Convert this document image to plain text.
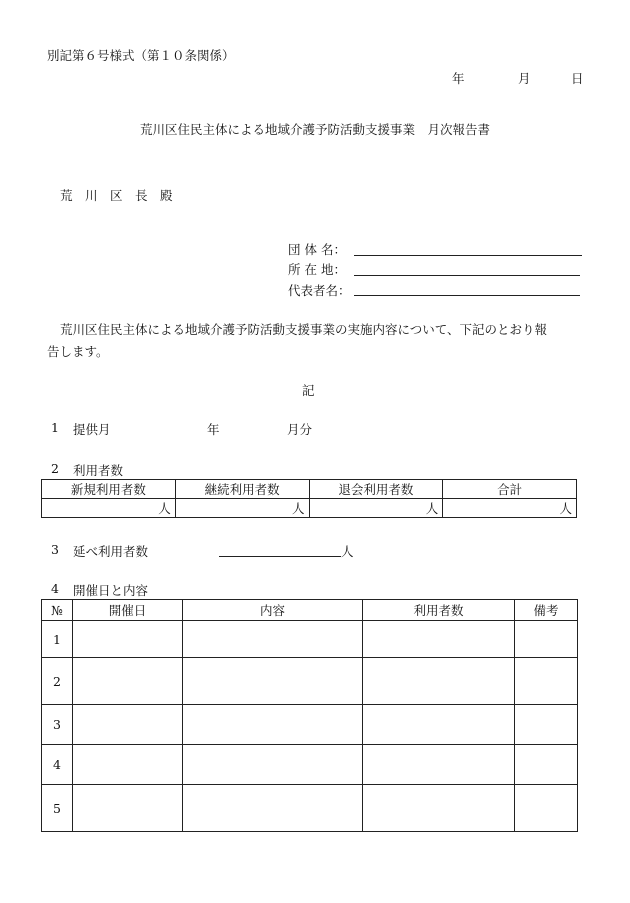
別記第６号様式（第１０条関係）
年	月	日
荒川区住民主体による地域介護予防活動支援事業　月次報告書
荒　川　区　長　殿
団 体 名：
所 在 地：
代表者名：
荒川区住民主体による地域介護予防活動支援事業の実施内容について、下記のとおり報
告します。
記
1 提供月	年	月分
2 利用者数
新規利用者数	継続利用者数	退会利用者数	合計
人	人	人	人
3 延べ利用者数	人
4 開催日と内容
№	開催日	内容	利用者数	備考
1				
2				
3				
4				
5				
